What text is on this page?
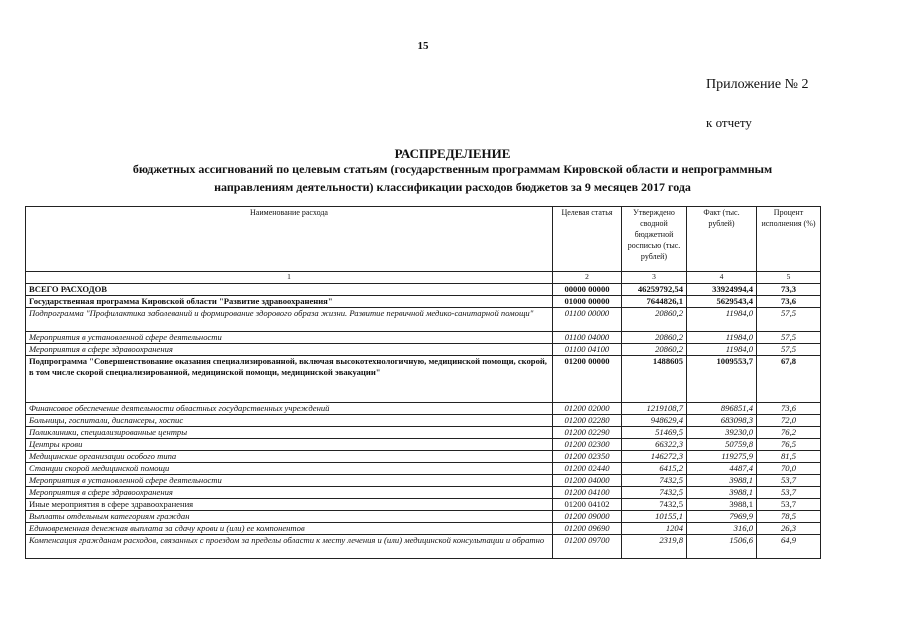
15
Приложение № 2
к отчету
РАСПРЕДЕЛЕНИЕ
бюджетных ассигнований по целевым статьям (государственным программам Кировской области и непрограммным
направлениям деятельности) классификации расходов бюджетов за 9 месяцев 2017 года
Наименование расхода	Целевая статья	Утверждено сводной бюджетной росписью (тыс. рублей)	Факт (тыс. рублей)	Процент исполнения (%)
1	2	3	4	5
ВСЕГО РАСХОДОВ	00000 00000	46259792,54	33924994,4	73,3
Государственная программа Кировской области "Развитие здравоохранения"	01000 00000	7644826,1	5629543,4	73,6
Подпрограмма "Профилактика заболеваний и формирование здорового образа жизни. Развитие первичной медико-санитарной помощи"	01100 00000	20860,2	11984,0	57,5
Мероприятия в установленной сфере деятельности	01100 04000	20860,2	11984,0	57,5
Мероприятия в сфере здравоохранения	01100 04100	20860,2	11984,0	57,5
Подпрограмма "Совершенствование оказания специализированной, включая высокотехнологичную, медицинской помощи, скорой, в том числе скорой специализированной, медицинской помощи, медицинской эвакуации"	01200 00000	1488605	1009553,7	67,8
Финансовое обеспечение деятельности областных государственных учреждений	01200 02000	1219108,7	896851,4	73,6
Больницы, госпитали, диспансеры, хоспис	01200 02280	948629,4	683098,3	72,0
Поликлиники, специализированные центры	01200 02290	51469,5	39230,0	76,2
Центры крови	01200 02300	66322,3	50759,8	76,5
Медицинские организации особого типа	01200 02350	146272,3	119275,9	81,5
Станции скорой медицинской помощи	01200 02440	6415,2	4487,4	70,0
Мероприятия в установленной сфере деятельности	01200 04000	7432,5	3988,1	53,7
Мероприятия в сфере здравоохранения	01200 04100	7432,5	3988,1	53,7
Иные мероприятия в сфере здравоохранения	01200 04102	7432,5	3988,1	53,7
Выплаты отдельным категориям граждан	01200 09000	10155,1	7969,9	78,5
Единовременная денежная выплата за сдачу крови и (или) ее компонентов	01200 09690	1204	316,0	26,3
Компенсация гражданам расходов, связанных с проездом за пределы области к месту лечения и (или) медицинской консультации и обратно	01200 09700	2319,8	1506,6	64,9
